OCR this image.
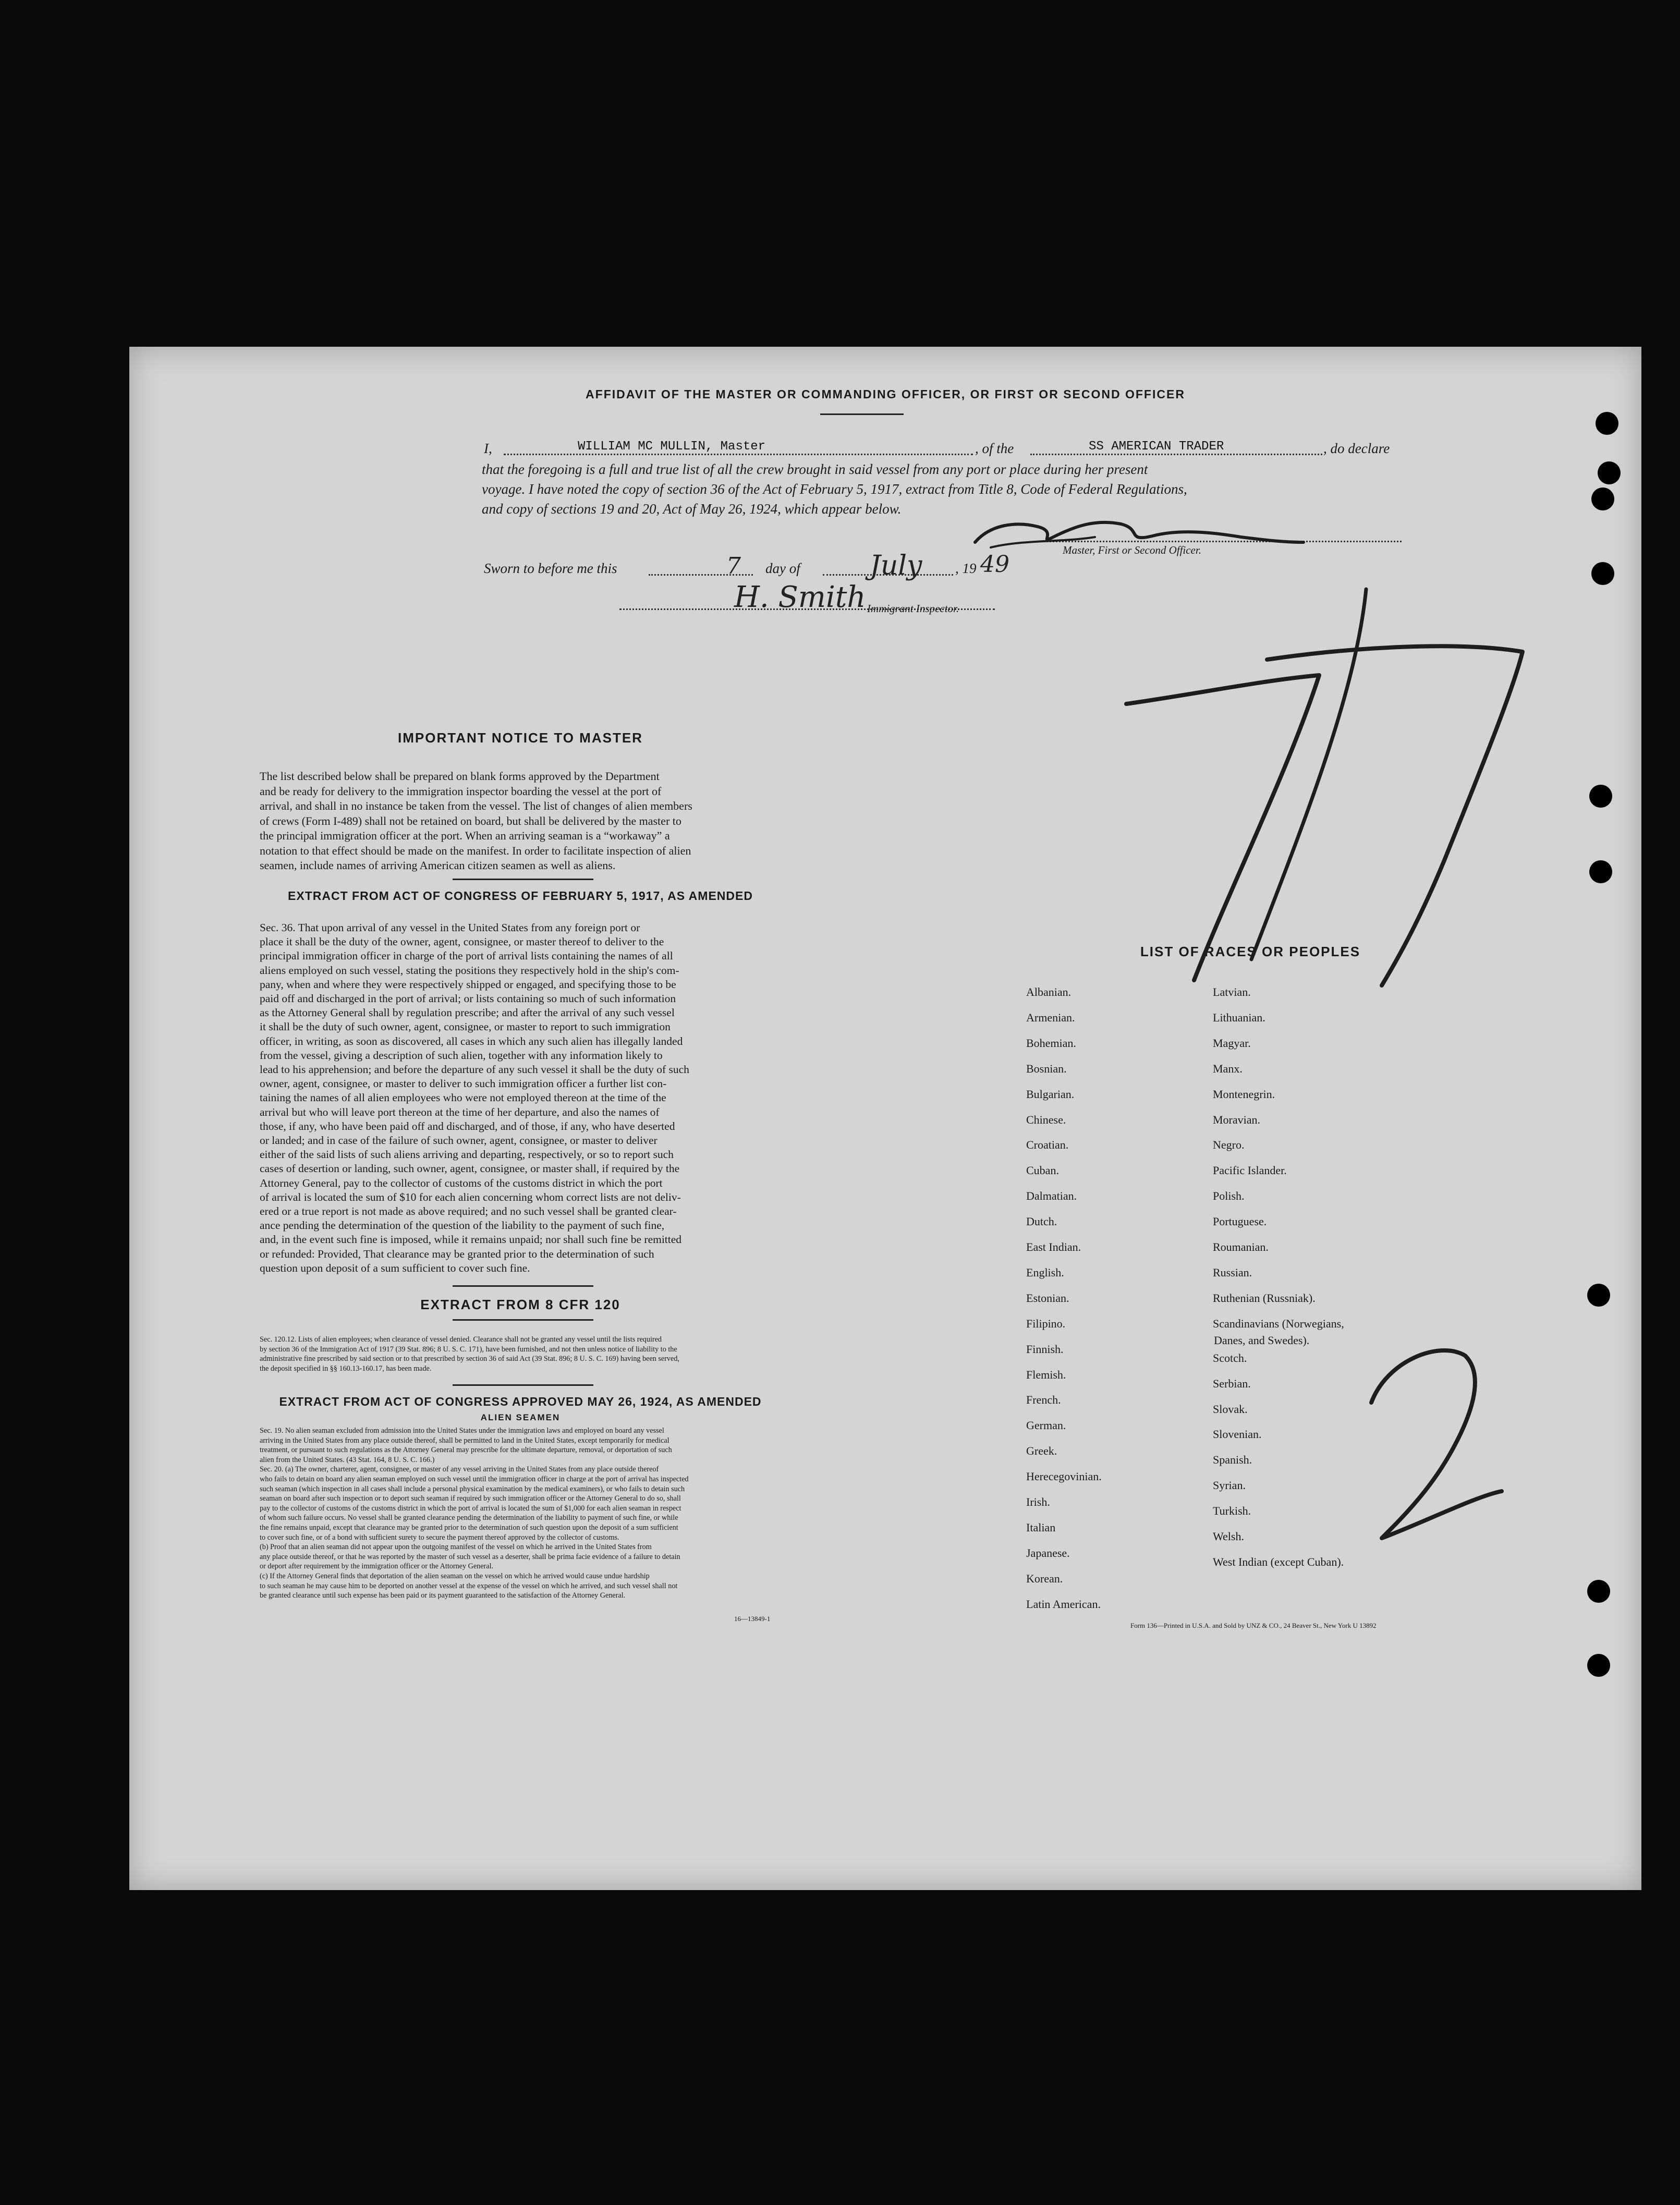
AFFIDAVIT OF THE MASTER OR COMMANDING OFFICER, OR FIRST OR SECOND OFFICER
I,	WILLIAM MC MULLIN, Master	, of the	SS AMERICAN TRADER	, do declare
that the foregoing is a full and true list of all the crew brought in said vessel from any port or place during her present
voyage. I have noted the copy of section 36 of the Act of February 5, 1917, extract from Title 8, Code of Federal Regulations,
and copy of sections 19 and 20, Act of May 26, 1924, which appear below.
Master, First or Second Officer.
Sworn to before me this	7 day of	July , 19 49
H. Smith Immigrant Inspector.
IMPORTANT NOTICE TO MASTER
The list described below shall be prepared on blank forms approved by the Department
and be ready for delivery to the immigration inspector boarding the vessel at the port of
arrival, and shall in no instance be taken from the vessel. The list of changes of alien members
of crews (Form I-489) shall not be retained on board, but shall be delivered by the master to
the principal immigration officer at the port. When an arriving seaman is a “workaway” a
notation to that effect should be made on the manifest. In order to facilitate inspection of alien
seamen, include names of arriving American citizen seamen as well as aliens.
EXTRACT FROM ACT OF CONGRESS OF FEBRUARY 5, 1917, AS AMENDED
Sec. 36. That upon arrival of any vessel in the United States from any foreign port or
place it shall be the duty of the owner, agent, consignee, or master thereof to deliver to the
principal immigration officer in charge of the port of arrival lists containing the names of all
aliens employed on such vessel, stating the positions they respectively hold in the ship's com-
pany, when and where they were respectively shipped or engaged, and specifying those to be
paid off and discharged in the port of arrival; or lists containing so much of such information
as the Attorney General shall by regulation prescribe; and after the arrival of any such vessel
it shall be the duty of such owner, agent, consignee, or master to report to such immigration
officer, in writing, as soon as discovered, all cases in which any such alien has illegally landed
from the vessel, giving a description of such alien, together with any information likely to
lead to his apprehension; and before the departure of any such vessel it shall be the duty of such
owner, agent, consignee, or master to deliver to such immigration officer a further list con-
taining the names of all alien employees who were not employed thereon at the time of the
arrival but who will leave port thereon at the time of her departure, and also the names of
those, if any, who have been paid off and discharged, and of those, if any, who have deserted
or landed; and in case of the failure of such owner, agent, consignee, or master to deliver
either of the said lists of such aliens arriving and departing, respectively, or so to report such
cases of desertion or landing, such owner, agent, consignee, or master shall, if required by the
Attorney General, pay to the collector of customs of the customs district in which the port
of arrival is located the sum of $10 for each alien concerning whom correct lists are not deliv-
ered or a true report is not made as above required; and no such vessel shall be granted clear-
ance pending the determination of the question of the liability to the payment of such fine,
and, in the event such fine is imposed, while it remains unpaid; nor shall such fine be remitted
or refunded: Provided, That clearance may be granted prior to the determination of such
question upon deposit of a sum sufficient to cover such fine.
EXTRACT FROM 8 CFR 120
Sec. 120.12. Lists of alien employees; when clearance of vessel denied. Clearance shall not be granted any vessel until the lists required
by section 36 of the Immigration Act of 1917 (39 Stat. 896; 8 U. S. C. 171), have been furnished, and not then unless notice of liability to the
administrative fine prescribed by said section or to that prescribed by section 36 of said Act (39 Stat. 896; 8 U. S. C. 169) having been served,
the deposit specified in §§ 160.13-160.17, has been made.
EXTRACT FROM ACT OF CONGRESS APPROVED MAY 26, 1924, AS AMENDED
ALIEN SEAMEN
Sec. 19. No alien seaman excluded from admission into the United States under the immigration laws and employed on board any vessel
arriving in the United States from any place outside thereof, shall be permitted to land in the United States, except temporarily for medical
treatment, or pursuant to such regulations as the Attorney General may prescribe for the ultimate departure, removal, or deportation of such
alien from the United States. (43 Stat. 164, 8 U. S. C. 166.)
Sec. 20. (a) The owner, charterer, agent, consignee, or master of any vessel arriving in the United States from any place outside thereof
who fails to detain on board any alien seaman employed on such vessel until the immigration officer in charge at the port of arrival has inspected
such seaman (which inspection in all cases shall include a personal physical examination by the medical examiners), or who fails to detain such
seaman on board after such inspection or to deport such seaman if required by such immigration officer or the Attorney General to do so, shall
pay to the collector of customs of the customs district in which the port of arrival is located the sum of $1,000 for each alien seaman in respect
of whom such failure occurs. No vessel shall be granted clearance pending the determination of the liability to payment of such fine, or while
the fine remains unpaid, except that clearance may be granted prior to the determination of such question upon the deposit of a sum sufficient
to cover such fine, or of a bond with sufficient surety to secure the payment thereof approved by the collector of customs.
(b) Proof that an alien seaman did not appear upon the outgoing manifest of the vessel on which he arrived in the United States from
any place outside thereof, or that he was reported by the master of such vessel as a deserter, shall be prima facie evidence of a failure to detain
or deport after requirement by the immigration officer or the Attorney General.
(c) If the Attorney General finds that deportation of the alien seaman on the vessel on which he arrived would cause undue hardship
to such seaman he may cause him to be deported on another vessel at the expense of the vessel on which he arrived, and such vessel shall not
be granted clearance until such expense has been paid or its payment guaranteed to the satisfaction of the Attorney General.
16—13849-1
LIST OF RACES OR PEOPLES
Albanian.
Armenian.
Bohemian.
Bosnian.
Bulgarian.
Chinese.
Croatian.
Cuban.
Dalmatian.
Dutch.
East Indian.
English.
Estonian.
Filipino.
Finnish.
Flemish.
French.
German.
Greek.
Herecegovinian.
Irish.
Italian
Japanese.
Korean.
Latin American.
Latvian.
Lithuanian.
Magyar.
Manx.
Montenegrin.
Moravian.
Negro.
Pacific Islander.
Polish.
Portuguese.
Roumanian.
Russian.
Ruthenian (Russniak).
Scandinavians (Norwegians,
Scotch.
Serbian.
Slovak.
Slovenian.
Spanish.
Syrian.
Turkish.
Welsh.
West Indian (except Cuban).
Danes, and Swedes).
Form 136—Printed in U.S.A. and Sold by UNZ & CO., 24 Beaver St., New York U 13892
